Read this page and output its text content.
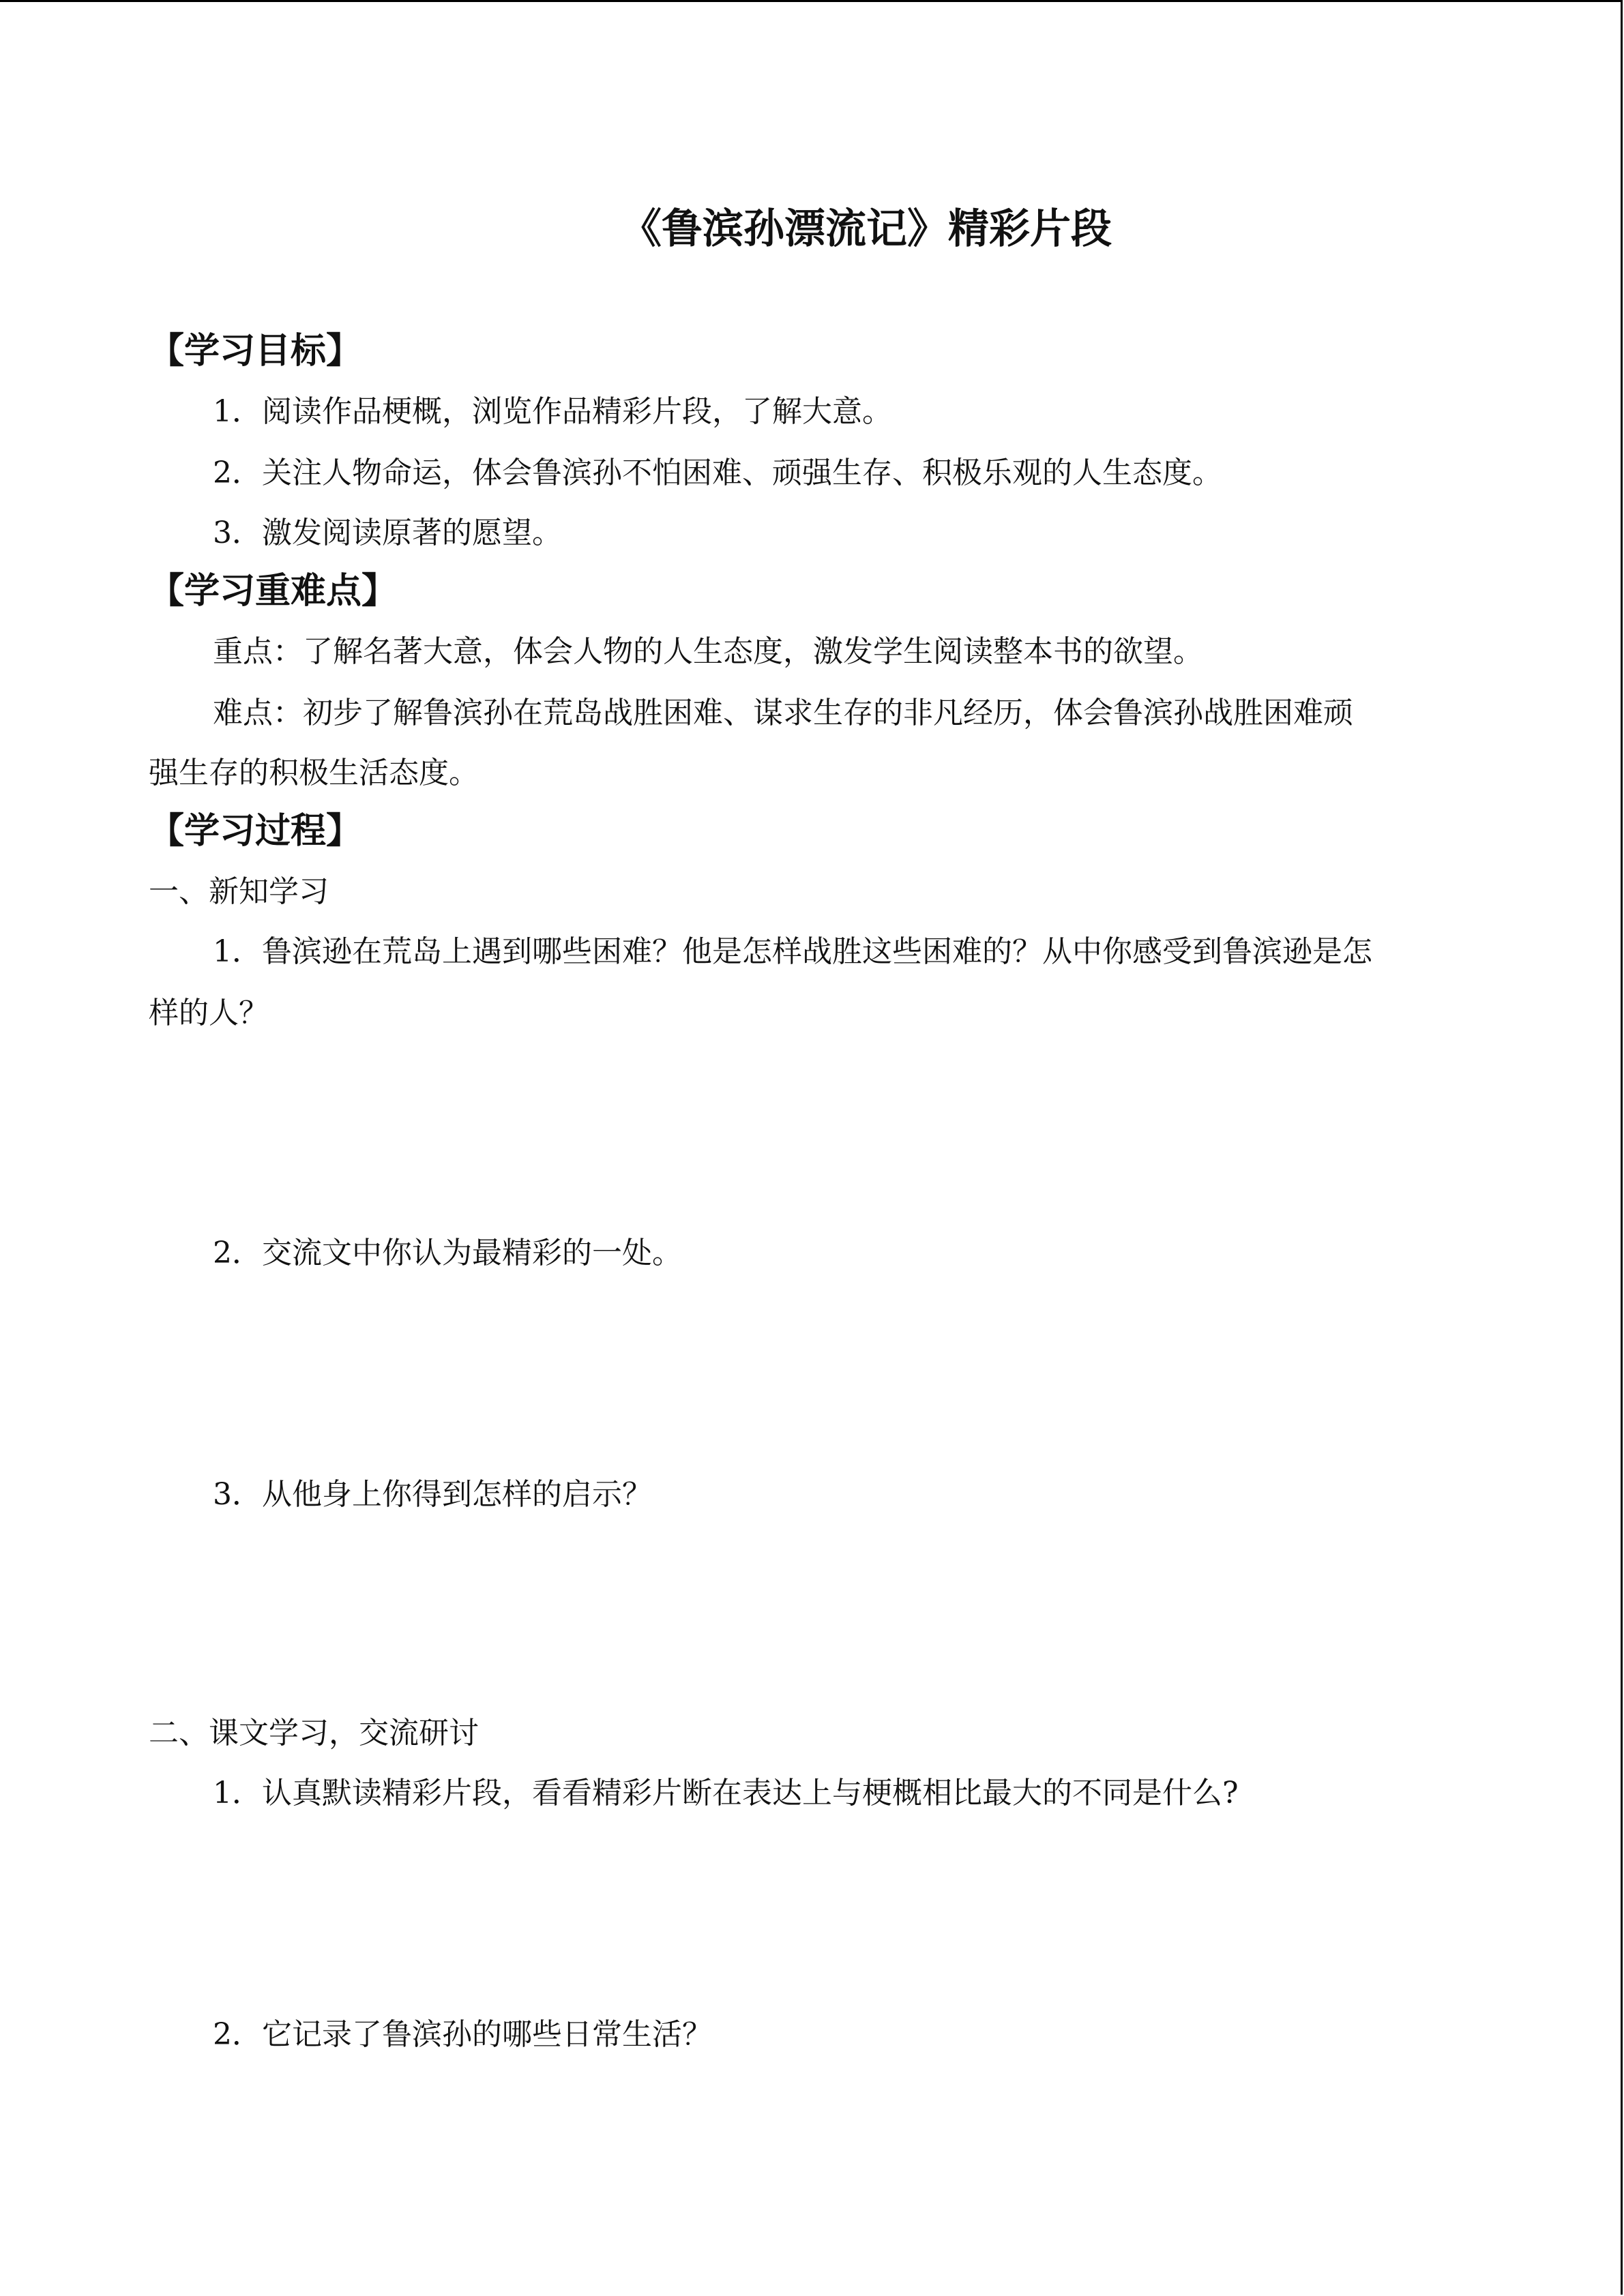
《鲁滨孙漂流记》精彩片段
【学习目标】
1．阅读作品梗概，浏览作品精彩片段，了解大意。
2．关注人物命运，体会鲁滨孙不怕困难、顽强生存、积极乐观的人生态度。
3．激发阅读原著的愿望。
【学习重难点】
重点：了解名著大意，体会人物的人生态度，激发学生阅读整本书的欲望。
难点：初步了解鲁滨孙在荒岛战胜困难、谋求生存的非凡经历，体会鲁滨孙战胜困难顽
强生存的积极生活态度。
【学习过程】
一、新知学习
1．鲁滨逊在荒岛上遇到哪些困难？他是怎样战胜这些困难的？从中你感受到鲁滨逊是怎
样的人？
2．交流文中你认为最精彩的一处。
3．从他身上你得到怎样的启示？
二、课文学习，交流研讨
1．认真默读精彩片段，看看精彩片断在表达上与梗概相比最大的不同是什么?
2．它记录了鲁滨孙的哪些日常生活？
